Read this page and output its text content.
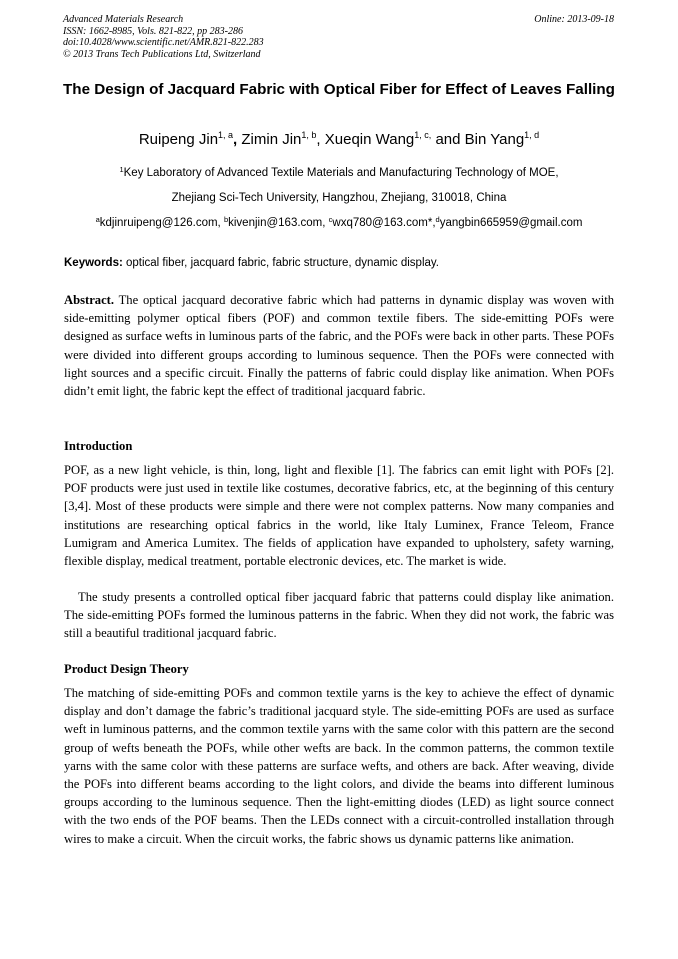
Advanced Materials Research
ISSN: 1662-8985, Vols. 821-822, pp 283-286
doi:10.4028/www.scientific.net/AMR.821-822.283
© 2013 Trans Tech Publications Ltd, Switzerland
Online: 2013-09-18
The Design of Jacquard Fabric with Optical Fiber for Effect of Leaves Falling
Ruipeng Jin$^{1, a}$, Zimin Jin$^{1, b}$, Xueqin Wang$^{1, c,}$ and Bin Yang$^{1, d}$
$^1$Key Laboratory of Advanced Textile Materials and Manufacturing Technology of MOE,
Zhejiang Sci-Tech University, Hangzhou, Zhejiang, 310018, China
$^a$kdjinruipeng@126.com, $^b$kivenjin@163.com, $^c$wxq780@163.com*,$^d$yangbin665959@gmail.com
Keywords: optical fiber, jacquard fabric, fabric structure, dynamic display.

Abstract. The optical jacquard decorative fabric which had patterns in dynamic display was woven with side-emitting polymer optical fibers (POF) and common textile fibers. The side-emitting POFs were designed as surface wefts in luminous parts of the fabric, and the POFs were back in other parts. These POFs were divided into different groups according to luminous sequence. Then the POFs were connected with light sources and a specific circuit. Finally the patterns of fabric could display like animation. When POFs didn’t emit light, the fabric kept the effect of traditional jacquard fabric.

Introduction

POF, as a new light vehicle, is thin, long, light and flexible [1]. The fabrics can emit light with POFs [2]. POF products were just used in textile like costumes, decorative fabrics, etc, at the beginning of this century [3,4]. Most of these products were simple and there were not complex patterns. Now many companies and institutions are researching optical fabrics in the world, like Italy Luminex, France Teleom, France Lumigram and America Lumitex. The fields of application have expanded to upholstery, safety warning, flexible display, medical treatment, portable electronic devices, etc. The market is wide.

The study presents a controlled optical fiber jacquard fabric that patterns could display like animation. The side-emitting POFs formed the luminous patterns in the fabric. When they did not work, the fabric was still a beautiful traditional jacquard fabric.

Product Design Theory

The matching of side-emitting POFs and common textile yarns is the key to achieve the effect of dynamic display and don’t damage the fabric’s traditional jacquard style. The side-emitting POFs are used as surface weft in luminous patterns, and the common textile yarns with the same color with this pattern are the second group of wefts beneath the POFs, while other wefts are back. In the common patterns, the common textile yarns with the same color with these patterns are surface wefts, and others are back. After weaving, divide the POFs into different beams according to the light colors, and divide the beams into different luminous groups according to the luminous sequence. Then the light-emitting diodes (LED) as light source connect with the two ends of the POF beams. Then the LEDs connect with a circuit-controlled installation through wires to make a circuit. When the circuit works, the fabric shows us dynamic patterns like animation.
